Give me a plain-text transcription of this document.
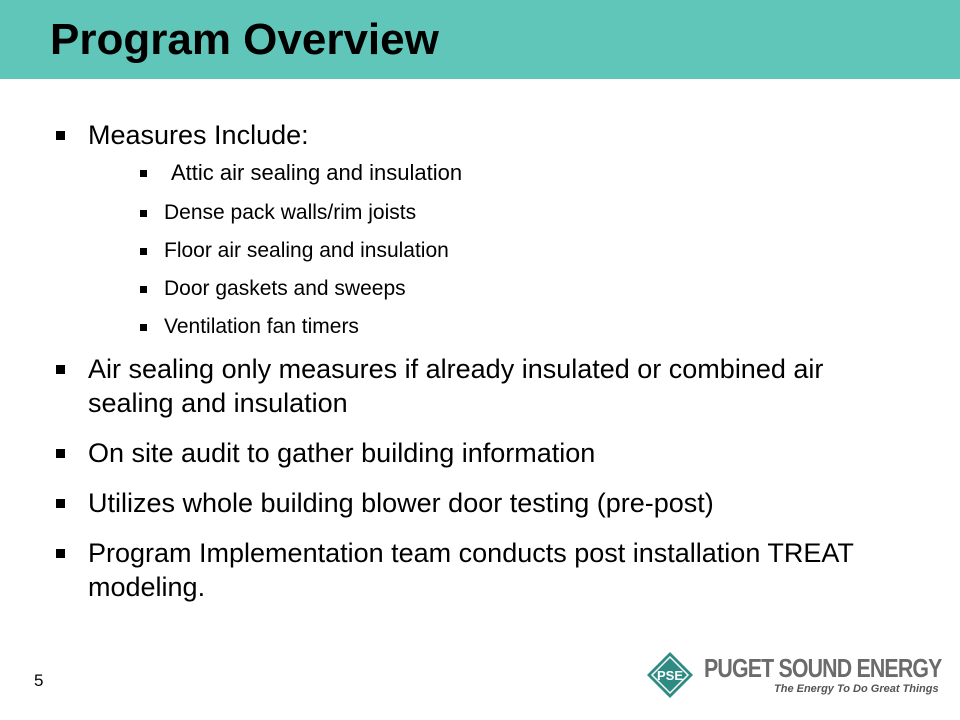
Program Overview
Measures Include:
Attic air sealing and insulation
Dense pack walls/rim joists
Floor air sealing and insulation
Door gaskets and sweeps
Ventilation fan timers
Air sealing only measures if already insulated or combined air sealing and insulation
On site audit to gather building information
Utilizes whole building blower door testing (pre-post)
Program Implementation team conducts post installation TREAT modeling.
5	PSE PUGET SOUND ENERGY
The Energy To Do Great Things
